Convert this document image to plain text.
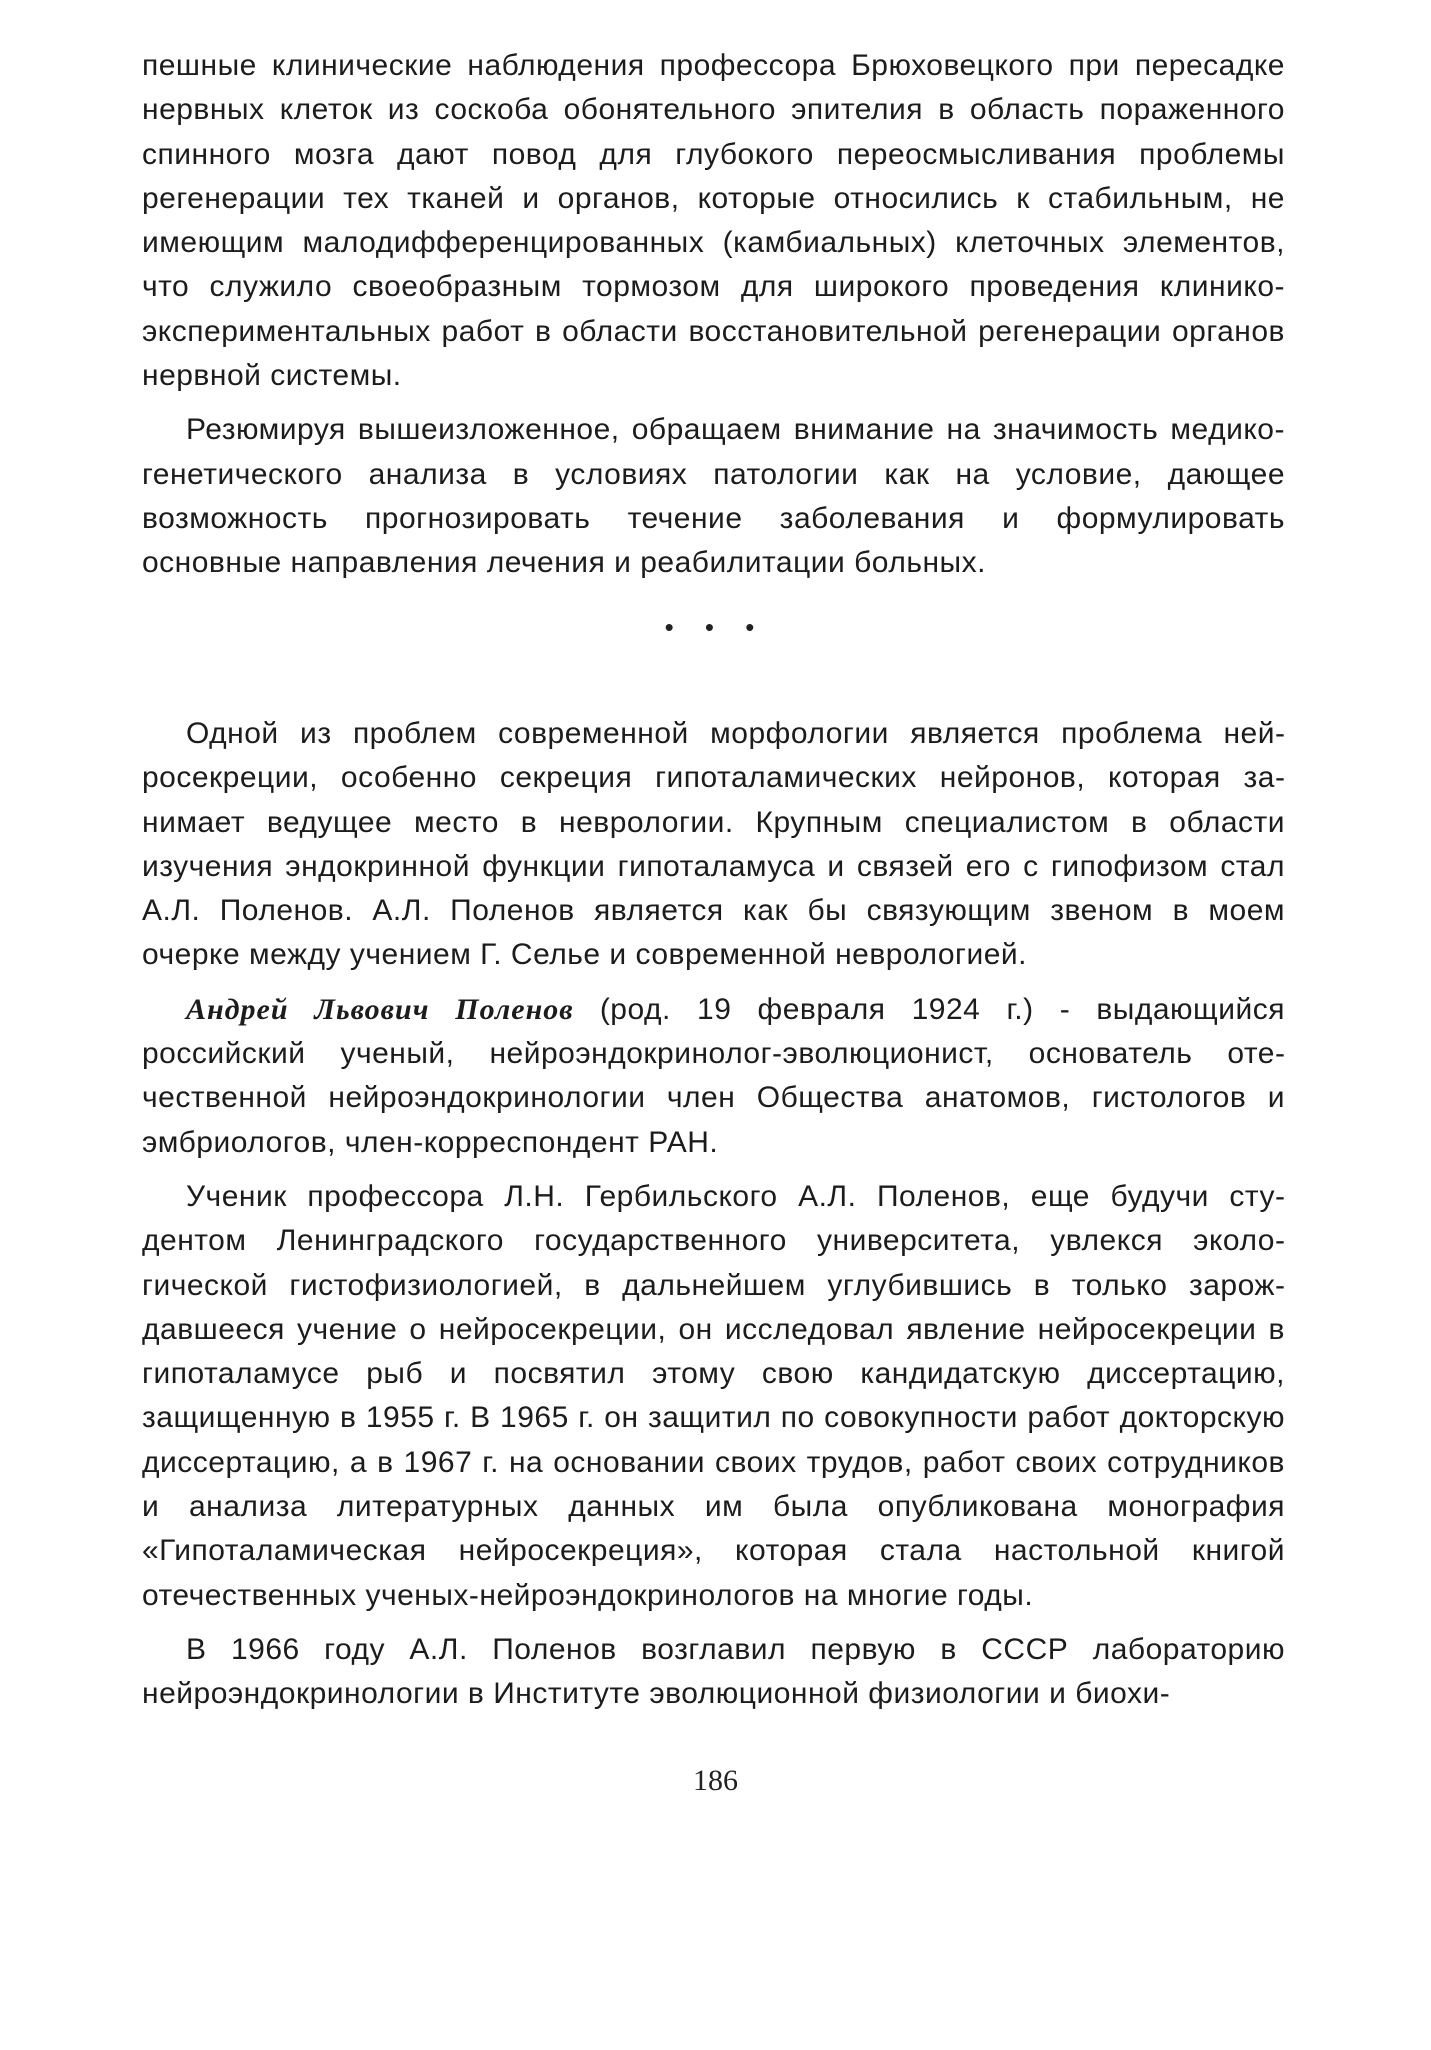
пешные клинические наблюдения профессора Брюховецкого при пересадке нервных клеток из соскоба обонятельного эпителия в область пораженного спинного мозга дают повод для глубокого переосмысливания проблемы регенерации тех тканей и органов, которые относились к стабильным, не имеющим малодифференцированных (камбиальных) клеточных элементов, что служило своеобразным тормозом для широкого проведения клинико-экспериментальных работ в области восстановительной регенерации органов нервной системы.

Резюмируя вышеизложенное, обращаем внимание на значимость медико-генетического анализа в условиях патологии как на условие, дающее возможность прогнозировать течение заболевания и формулировать основные направления лечения и реабилитации больных.

• • •

Одной из проблем современной морфологии является проблема нейросекреции, особенно секреция гипоталамических нейронов, которая занимает ведущее место в неврологии. Крупным специалистом в области изучения эндокринной функции гипоталамуса и связей его с гипофизом стал А.Л. Поленов. А.Л. Поленов является как бы связующим звеном в моем очерке между учением Г. Селье и современной неврологией.

Андрей Львович Поленов (род. 19 февраля 1924 г.) - выдающийся российский ученый, нейроэндокринолог-эволюционист, основатель отечественной нейроэндокринологии член Общества анатомов, гистологов и эмбриологов, член-корреспондент РАН.

Ученик профессора Л.Н. Гербильского А.Л. Поленов, еще будучи студентом Ленинградского государственного университета, увлекся экологической гистофизиологией, в дальнейшем углубившись в только зарождавшееся учение о нейросекреции, он исследовал явление нейросекреции в гипоталамусе рыб и посвятил этому свою кандидатскую диссертацию, защищенную в 1955 г. В 1965 г. он защитил по совокупности работ докторскую диссертацию, а в 1967 г. на основании своих трудов, работ своих сотрудников и анализа литературных данных им была опубликована монография «Гипоталамическая нейросекреция», которая стала настольной книгой отечественных ученых-нейроэндокринологов на многие годы.

В 1966 году А.Л. Поленов возглавил первую в СССР лабораторию нейроэндокринологии в Институте эволюционной физиологии и биохи-

186
